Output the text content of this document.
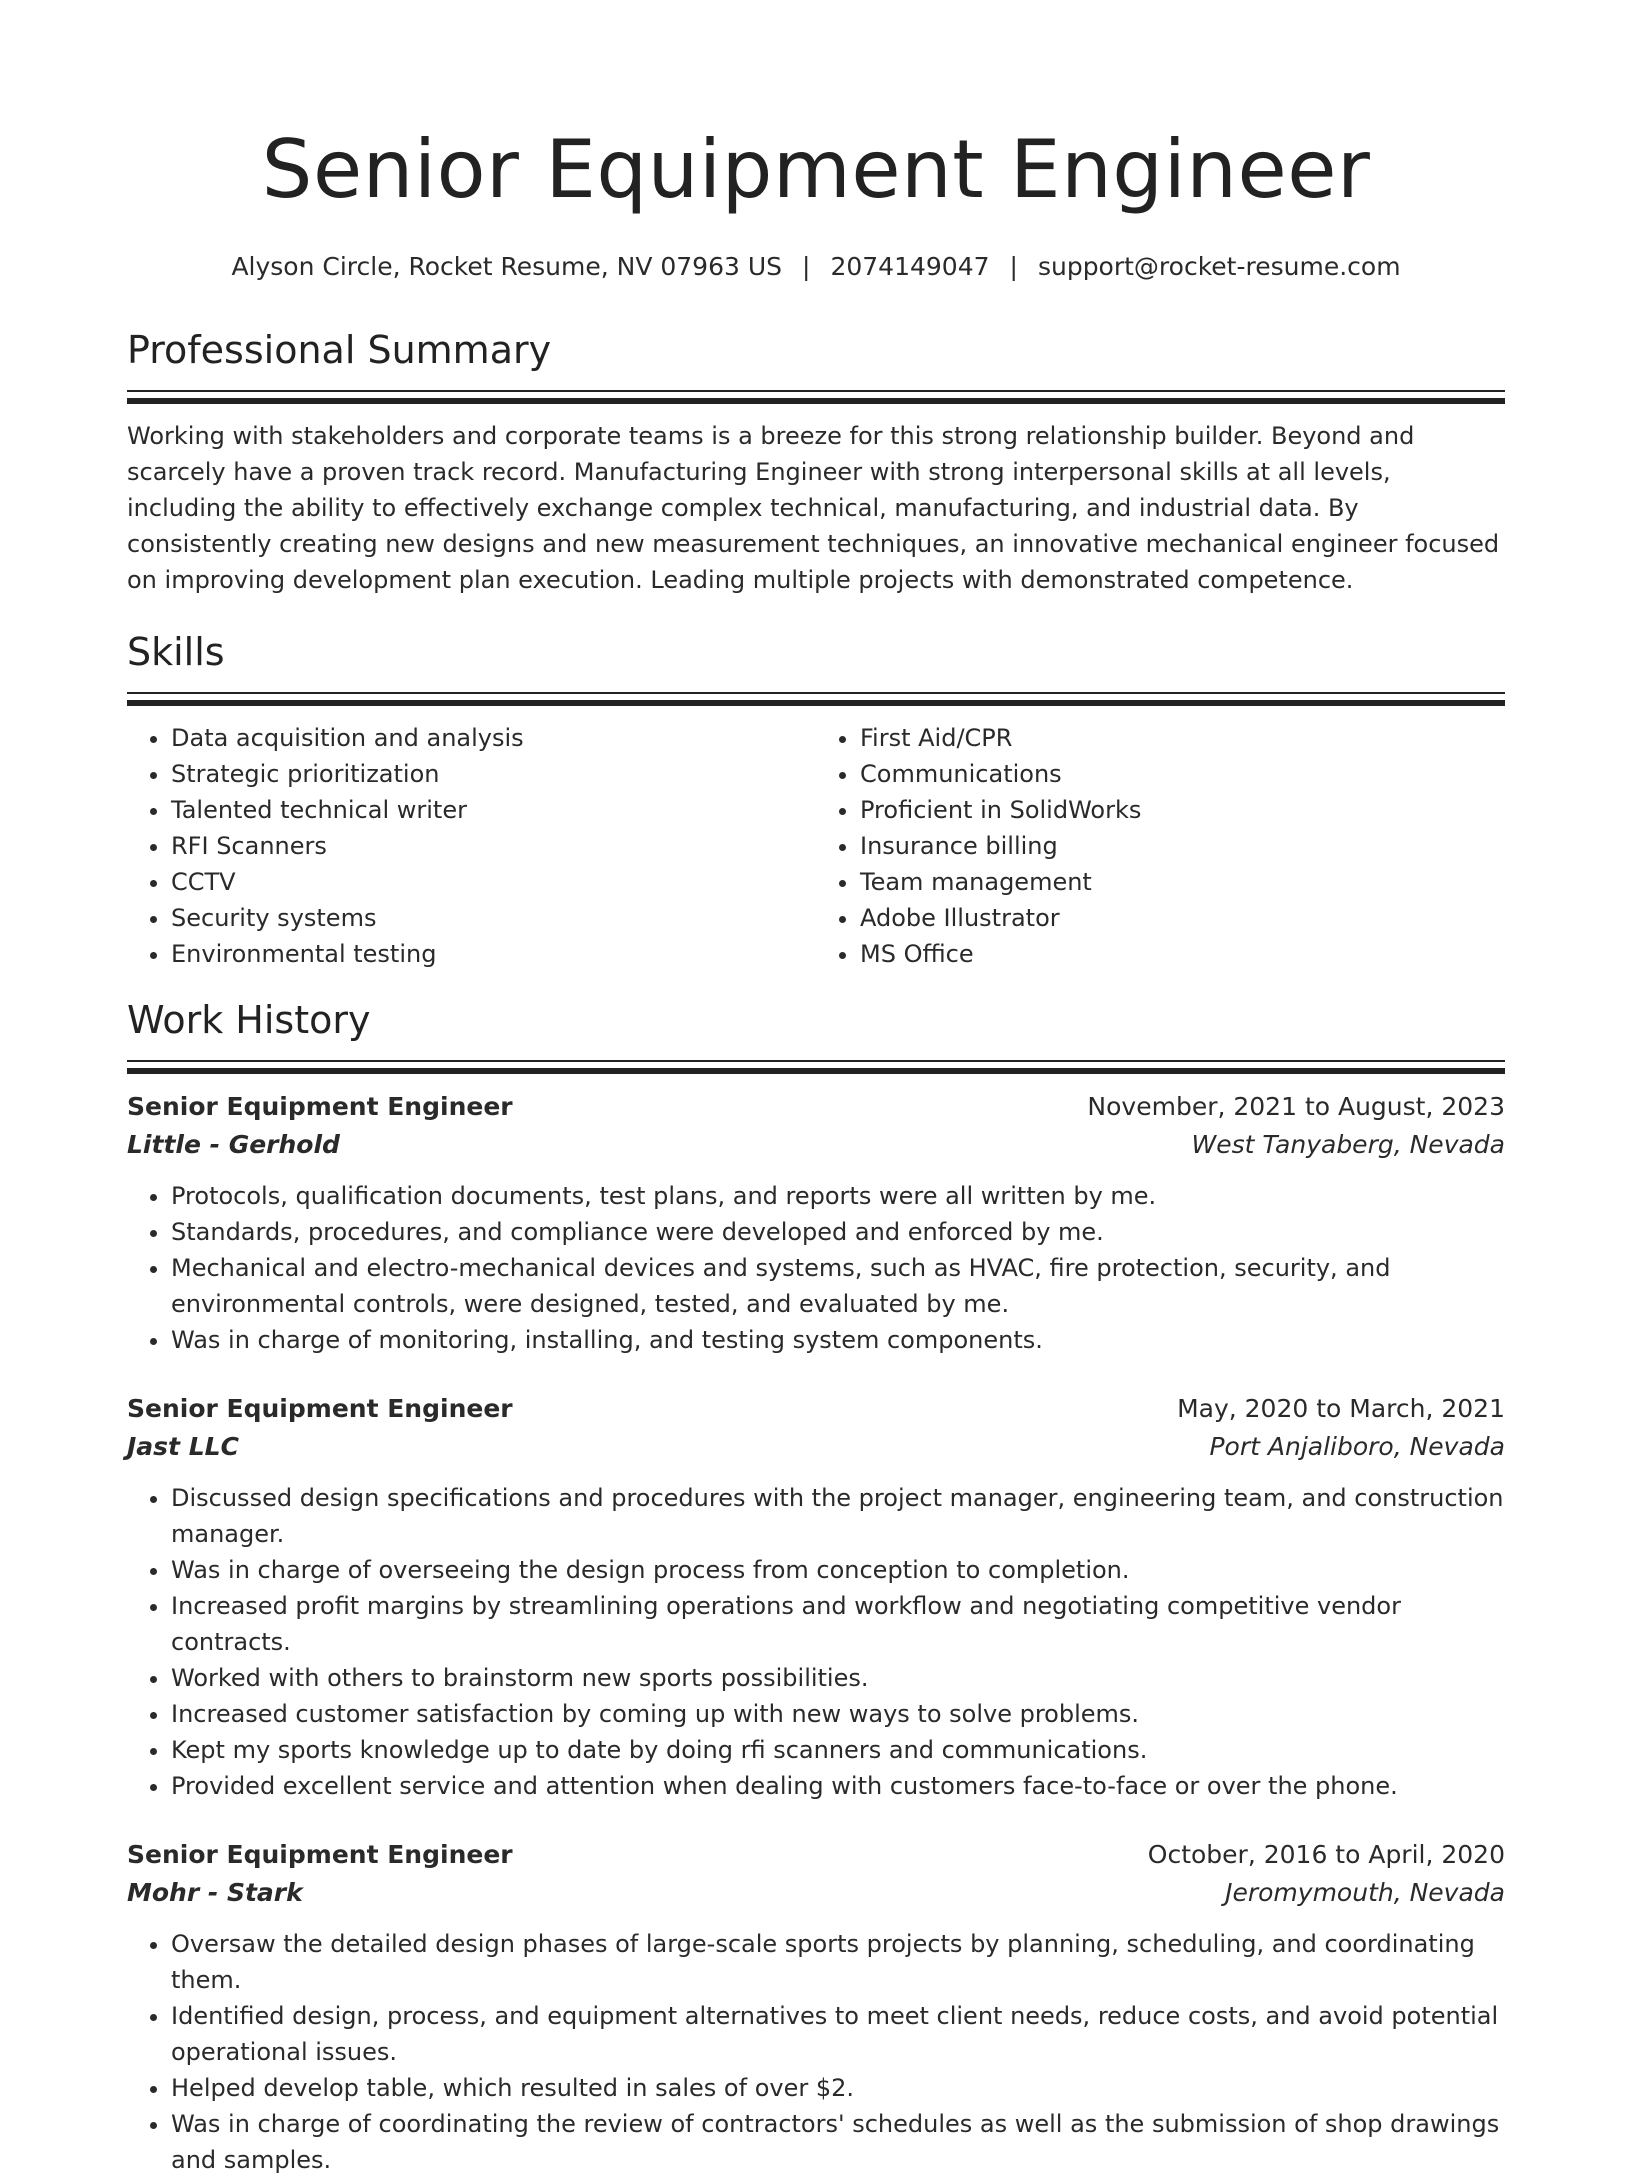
Senior Equipment Engineer
Alyson Circle, Rocket Resume, NV 07963 US | 2074149047 | support@rocket-resume.com
Professional Summary

Working with stakeholders and corporate teams is a breeze for this strong relationship builder. Beyond and scarcely have a proven track record. Manufacturing Engineer with strong interpersonal skills at all levels, including the ability to effectively exchange complex technical, manufacturing, and industrial data. By consistently creating new designs and new measurement techniques, an innovative mechanical engineer focused on improving development plan execution. Leading multiple projects with demonstrated competence.

Skills
• Data acquisition and analysis
• Strategic prioritization
• Talented technical writer
• RFI Scanners
• CCTV
• Security systems
• Environmental testing
• First Aid/CPR
• Communications
• Proficient in SolidWorks
• Insurance billing
• Team management
• Adobe Illustrator
• MS Office
Work History
Senior Equipment Engineer	November, 2021 to August, 2023
Little - Gerhold	West Tanyaberg, Nevada
• Protocols, qualification documents, test plans, and reports were all written by me.
• Standards, procedures, and compliance were developed and enforced by me.
• Mechanical and electro-mechanical devices and systems, such as HVAC, fire protection, security, and environmental controls, were designed, tested, and evaluated by me.
• Was in charge of monitoring, installing, and testing system components.
Senior Equipment Engineer	May, 2020 to March, 2021
Jast LLC	Port Anjaliboro, Nevada
• Discussed design specifications and procedures with the project manager, engineering team, and construction manager.
• Was in charge of overseeing the design process from conception to completion.
• Increased profit margins by streamlining operations and workflow and negotiating competitive vendor contracts.
• Worked with others to brainstorm new sports possibilities.
• Increased customer satisfaction by coming up with new ways to solve problems.
• Kept my sports knowledge up to date by doing rfi scanners and communications.
• Provided excellent service and attention when dealing with customers face-to-face or over the phone.
Senior Equipment Engineer	October, 2016 to April, 2020
Mohr - Stark	Jeromymouth, Nevada
• Oversaw the detailed design phases of large-scale sports projects by planning, scheduling, and coordinating them.
• Identified design, process, and equipment alternatives to meet client needs, reduce costs, and avoid potential operational issues.
• Helped develop table, which resulted in sales of over $2.
• Was in charge of coordinating the review of contractors' schedules as well as the submission of shop drawings and samples.
